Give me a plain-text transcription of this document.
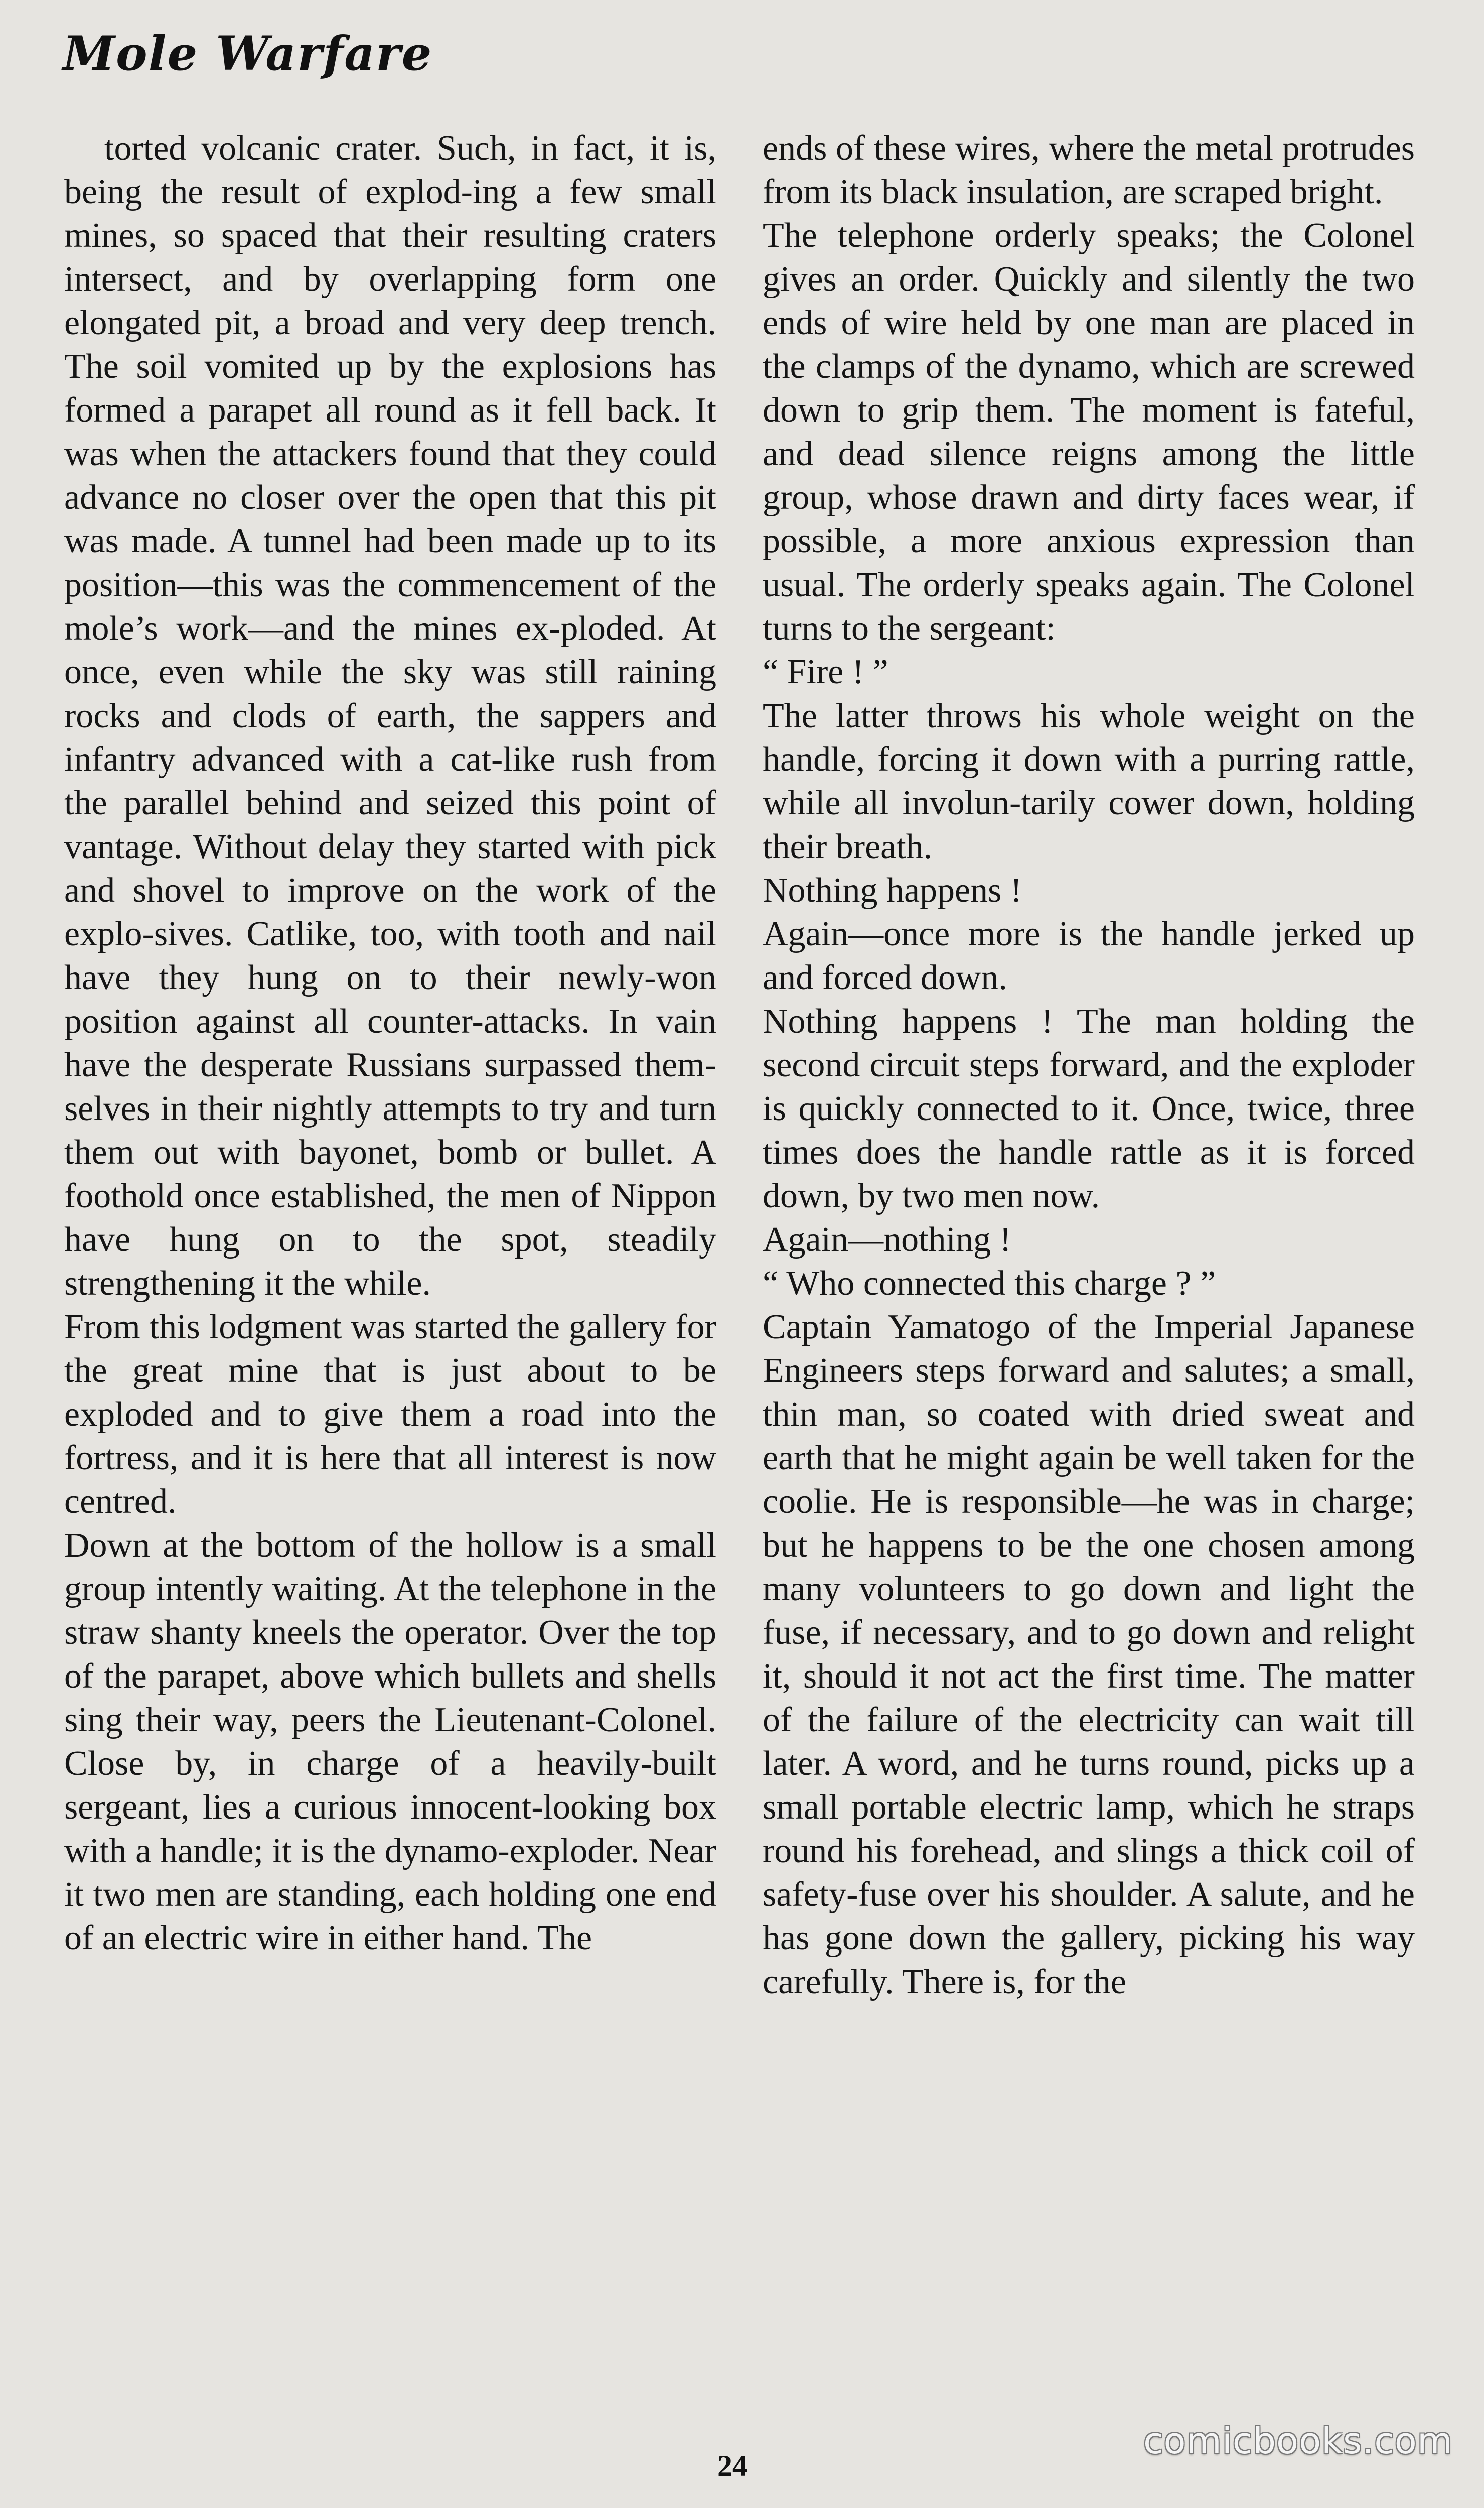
Mole Warfare

torted volcanic crater. Such, in fact, it is, being the result of explod-ing a few small mines, so spaced that their resulting craters intersect, and by overlapping form one elongated pit, a broad and very deep trench. The soil vomited up by the explosions has formed a parapet all round as it fell back. It was when the attackers found that they could advance no closer over the open that this pit was made. A tunnel had been made up to its position—this was the commencement of the mole’s work—and the mines ex-ploded. At once, even while the sky was still raining rocks and clods of earth, the sappers and infantry advanced with a cat-like rush from the parallel behind and seized this point of vantage. Without delay they started with pick and shovel to improve on the work of the explo-sives. Catlike, too, with tooth and nail have they hung on to their newly-won position against all counter-attacks. In vain have the desperate Russians surpassed them-selves in their nightly attempts to try and turn them out with bayonet, bomb or bullet. A foothold once established, the men of Nippon have hung on to the spot, steadily strengthening it the while.
From this lodgment was started the gallery for the great mine that is just about to be exploded and to give them a road into the fortress, and it is here that all interest is now centred.
Down at the bottom of the hollow is a small group intently waiting. At the telephone in the straw shanty kneels the operator. Over the top of the parapet, above which bullets and shells sing their way, peers the Lieutenant-Colonel. Close by, in charge of a heavily-built sergeant, lies a curious innocent-looking box with a handle; it is the dynamo-exploder. Near it two men are standing, each holding one end of an electric wire in either hand. The

ends of these wires, where the metal protrudes from its black insulation, are scraped bright.
The telephone orderly speaks; the Colonel gives an order. Quickly and silently the two ends of wire held by one man are placed in the clamps of the dynamo, which are screwed down to grip them. The moment is fateful, and dead silence reigns among the little group, whose drawn and dirty faces wear, if possible, a more anxious expression than usual. The orderly speaks again. The Colonel turns to the sergeant:
“ Fire ! ”
The latter throws his whole weight on the handle, forcing it down with a purring rattle, while all involun-tarily cower down, holding their breath.
Nothing happens !
Again—once more is the handle jerked up and forced down.
Nothing happens ! The man holding the second circuit steps forward, and the exploder is quickly connected to it. Once, twice, three times does the handle rattle as it is forced down, by two men now.
Again—nothing !
“ Who connected this charge ? ”
Captain Yamatogo of the Imperial Japanese Engineers steps forward and salutes; a small, thin man, so coated with dried sweat and earth that he might again be well taken for the coolie. He is responsible—he was in charge; but he happens to be the one chosen among many volunteers to go down and light the fuse, if necessary, and to go down and relight it, should it not act the first time. The matter of the failure of the electricity can wait till later. A word, and he turns round, picks up a small portable electric lamp, which he straps round his forehead, and slings a thick coil of safety-fuse over his shoulder. A salute, and he has gone down the gallery, picking his way carefully. There is, for the

24
comicbooks.com
